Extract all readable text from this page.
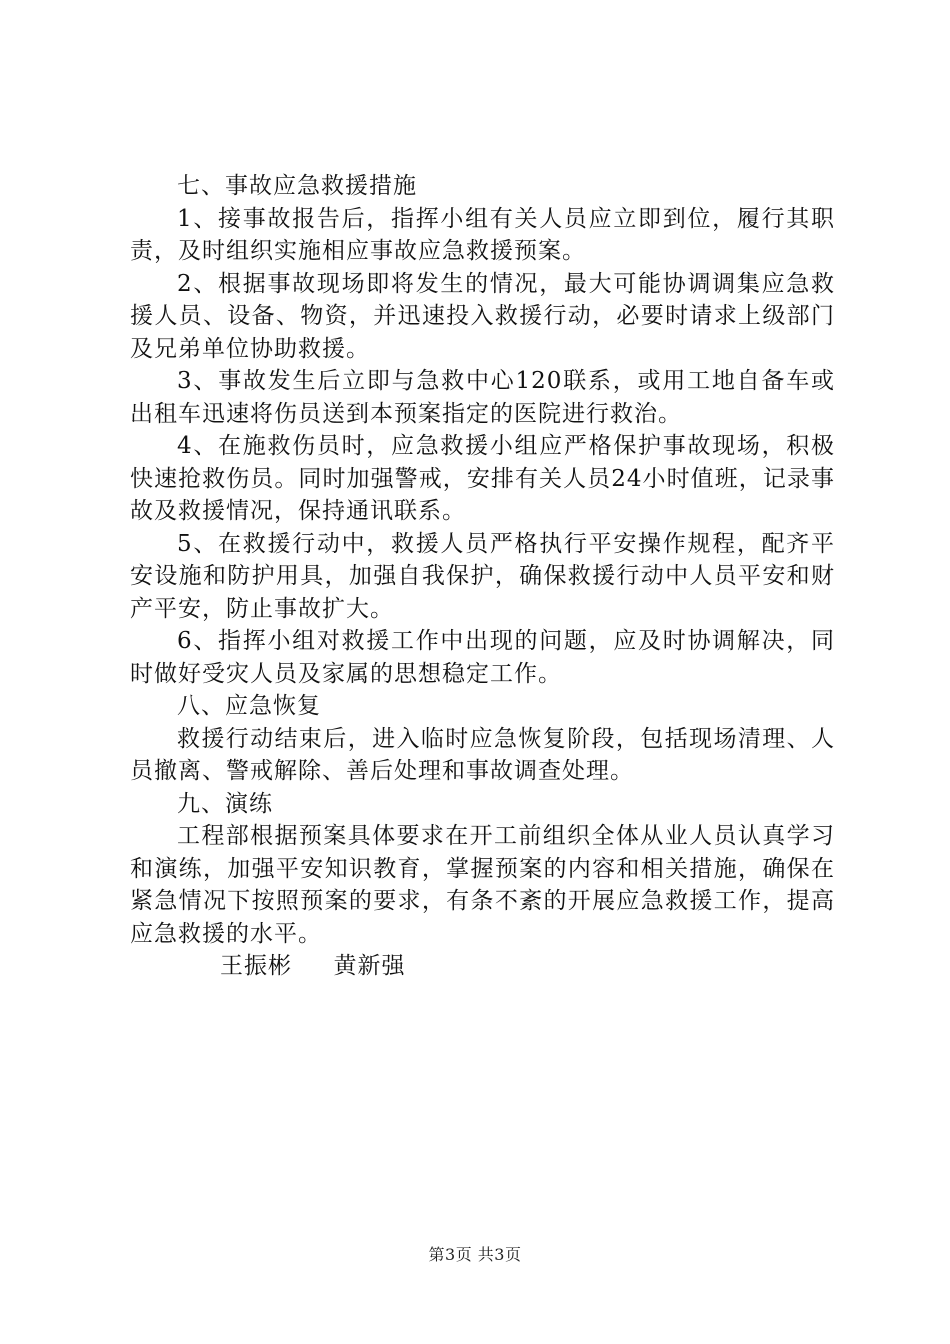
七、事故应急救援措施

1、接事故报告后，指挥小组有关人员应立即到位，履行其职责，及时组织实施相应事故应急救援预案。

2、根据事故现场即将发生的情况，最大可能协调调集应急救援人员、设备、物资，并迅速投入救援行动，必要时请求上级部门及兄弟单位协助救援。

3、事故发生后立即与急救中心120联系，或用工地自备车或出租车迅速将伤员送到本预案指定的医院进行救治。

4、在施救伤员时，应急救援小组应严格保护事故现场，积极快速抢救伤员。同时加强警戒，安排有关人员24小时值班，记录事故及救援情况，保持通讯联系。

5、在救援行动中，救援人员严格执行平安操作规程，配齐平安设施和防护用具，加强自我保护，确保救援行动中人员平安和财产平安，防止事故扩大。

6、指挥小组对救援工作中出现的问题，应及时协调解决，同时做好受灾人员及家属的思想稳定工作。

八、应急恢复

救援行动结束后，进入临时应急恢复阶段，包括现场清理、人员撤离、警戒解除、善后处理和事故调查处理。

九、演练

工程部根据预案具体要求在开工前组织全体从业人员认真学习和演练，加强平安知识教育，掌握预案的内容和相关措施，确保在紧急情况下按照预案的要求，有条不紊的开展应急救援工作，提高应急救援的水平。

王振彬     黄新强

第3页 共3页
